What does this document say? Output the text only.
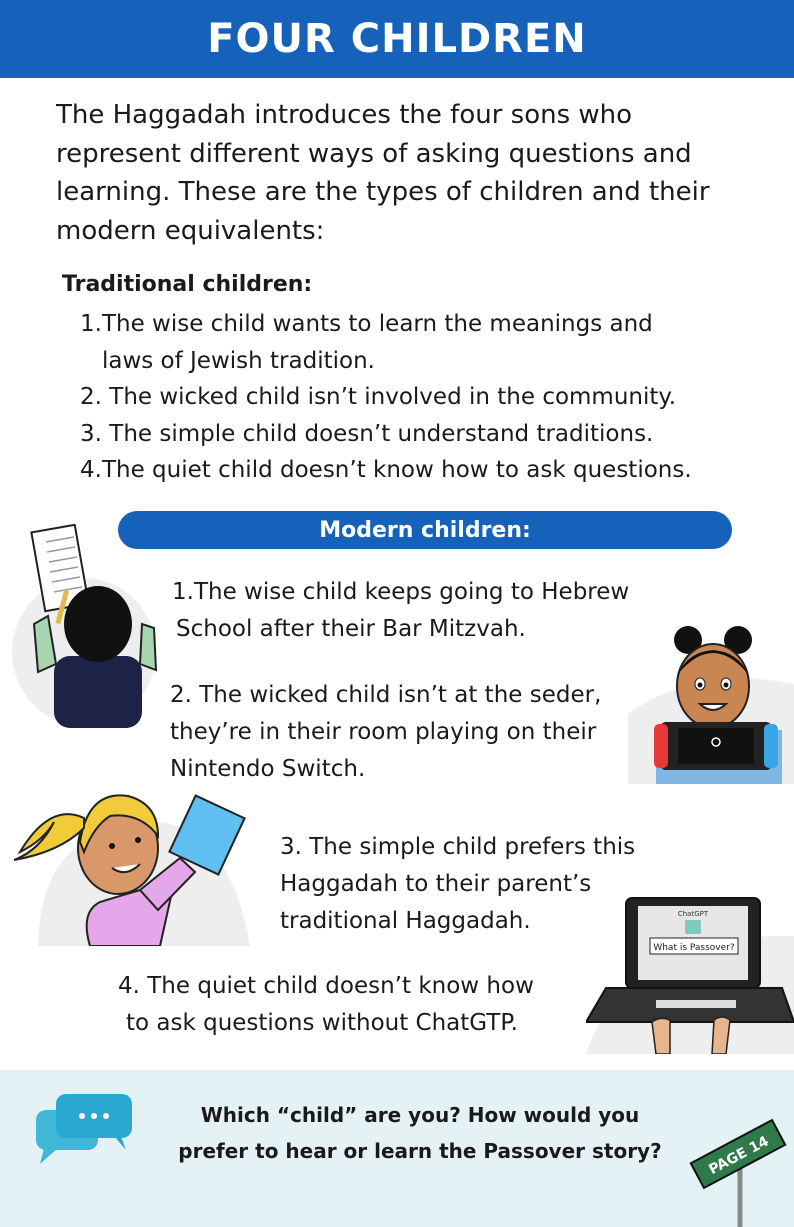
FOUR CHILDREN
The Haggadah introduces the four sons who represent different ways of asking questions and learning. These are the types of children and their modern equivalents:
Traditional children:
1. The wise child wants to learn the meanings and
laws of Jewish tradition.
2. The wicked child isn’t involved in the community.
3. The simple child doesn’t understand traditions.
4. The quiet child doesn’t know how to ask questions.
Modern children:
1. The wise child keeps going to Hebrew
School after their Bar Mitzvah.
2. The wicked child isn’t at the seder,
they’re in their room playing on their
Nintendo Switch.
3. The simple child prefers this
Haggadah to their parent’s
traditional Haggadah.	ChatGPT
What is Passover?
4. The quiet child doesn’t know how
to ask questions without ChatGTP.
Which “child” are you? How would you
prefer to hear or learn the Passover story?	PAGE 14
